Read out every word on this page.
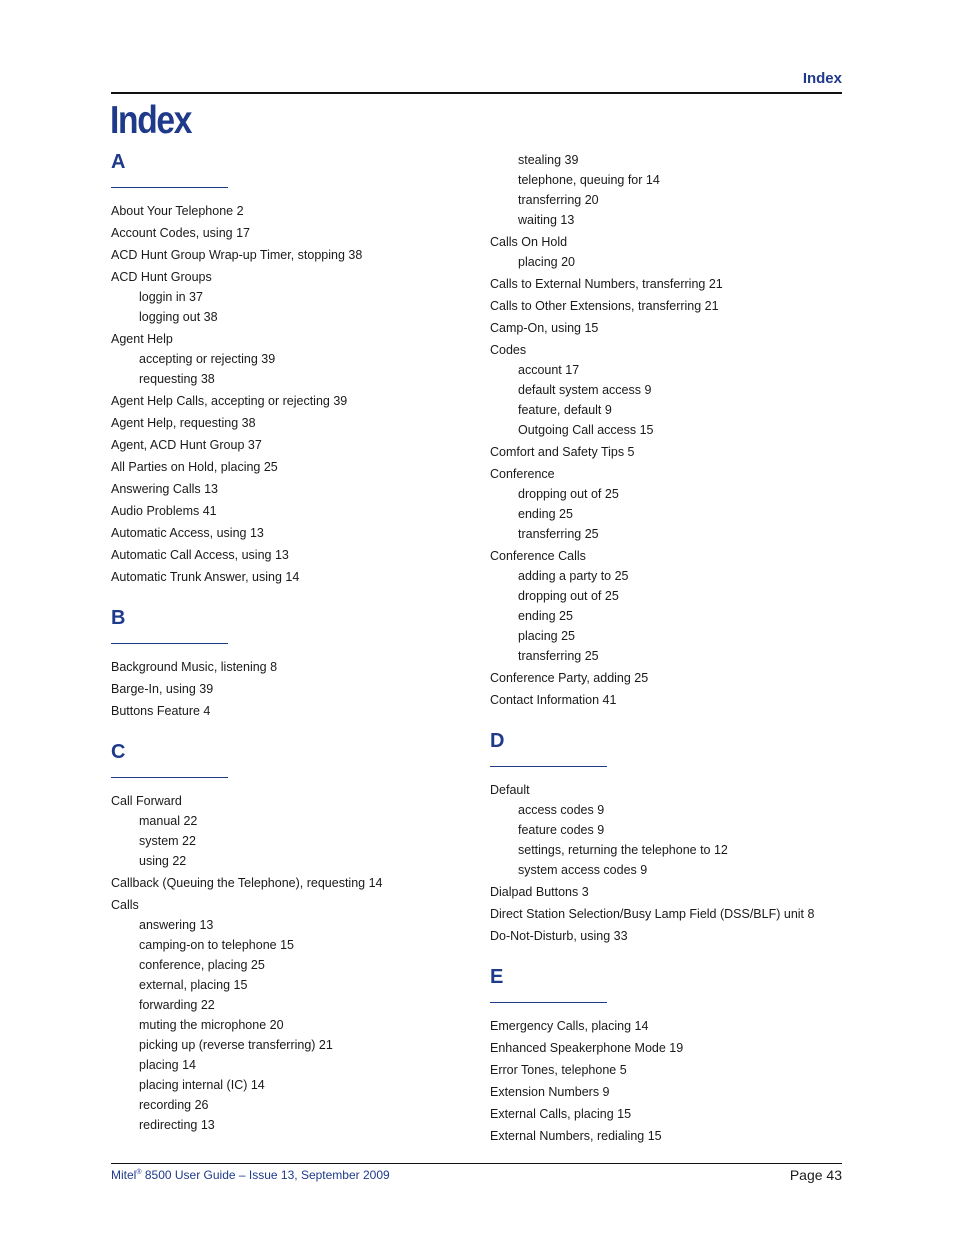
Index
Index
A
About Your Telephone 2
Account Codes, using 17
ACD Hunt Group Wrap-up Timer, stopping 38
ACD Hunt Groups
loggin in 37
logging out 38
Agent Help
accepting or rejecting 39
requesting 38
Agent Help Calls, accepting or rejecting 39
Agent Help, requesting 38
Agent, ACD Hunt Group 37
All Parties on Hold, placing 25
Answering Calls 13
Audio Problems 41
Automatic Access, using 13
Automatic Call Access, using 13
Automatic Trunk Answer, using 14
B
Background Music, listening 8
Barge-In, using 39
Buttons Feature 4
C
Call Forward
manual 22
system 22
using 22
Callback (Queuing the Telephone), requesting 14
Calls
answering 13
camping-on to telephone 15
conference, placing 25
external, placing 15
forwarding 22
muting the microphone 20
picking up (reverse transferring) 21
placing 14
placing internal (IC) 14
recording 26
redirecting 13
stealing 39
telephone, queuing for 14
transferring 20
waiting 13
Calls On Hold
placing 20
Calls to External Numbers, transferring 21
Calls to Other Extensions, transferring 21
Camp-On, using 15
Codes
account 17
default system access 9
feature, default 9
Outgoing Call access 15
Comfort and Safety Tips 5
Conference
dropping out of 25
ending 25
transferring 25
Conference Calls
adding a party to 25
dropping out of 25
ending 25
placing 25
transferring 25
Conference Party, adding 25
Contact Information 41
D
Default
access codes 9
feature codes 9
settings, returning the telephone to 12
system access codes 9
Dialpad Buttons 3
Direct Station Selection/Busy Lamp Field (DSS/BLF) unit 8
Do-Not-Disturb, using 33
E
Emergency Calls, placing 14
Enhanced Speakerphone Mode 19
Error Tones, telephone 5
Extension Numbers 9
External Calls, placing 15
External Numbers, redialing 15
Mitel® 8500 User Guide – Issue 13, September 2009	Page 43
